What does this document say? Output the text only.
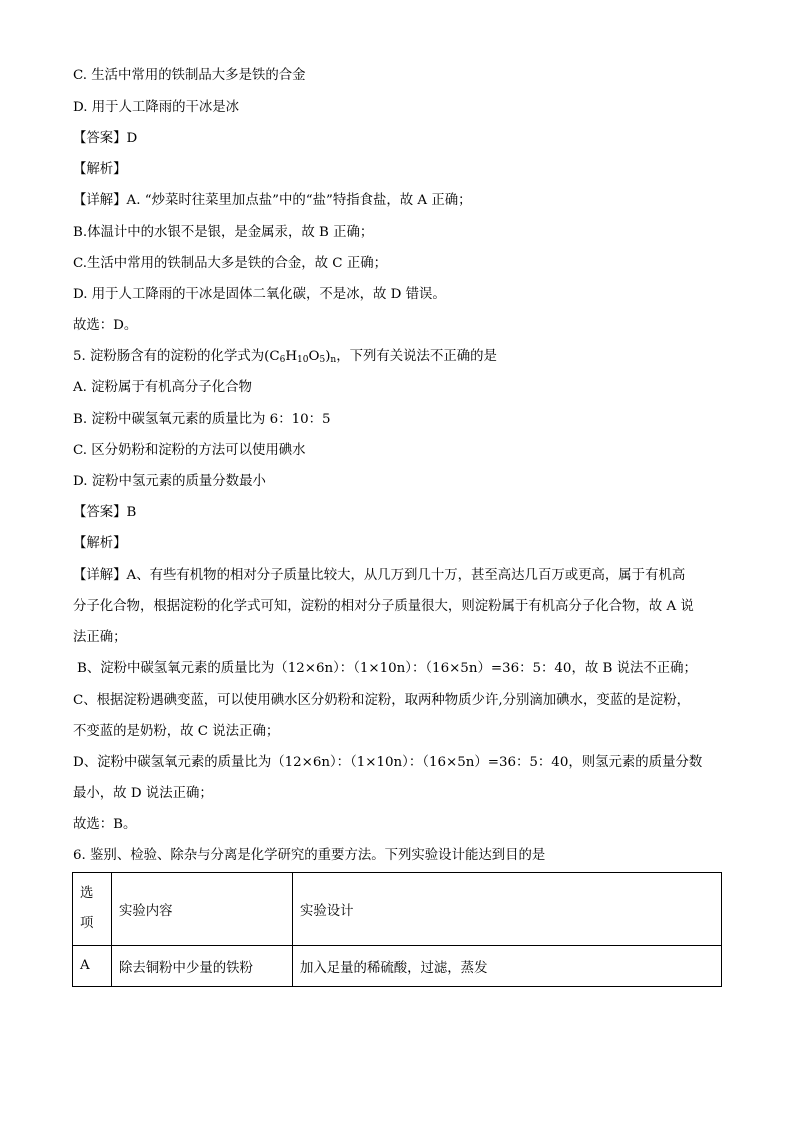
C. 生活中常用的铁制品大多是铁的合金
D. 用于人工降雨的干冰是冰
【答案】D
【解析】
【详解】A. “炒菜时往菜里加点盐”中的“盐”特指食盐，故 A 正确；
B.体温计中的水银不是银，是金属汞，故 B 正确；
C.生活中常用的铁制品大多是铁的合金，故 C 正确；
D. 用于人工降雨的干冰是固体二氧化碳，不是冰，故 D 错误。
故选：D。
5. 淀粉肠含有的淀粉的化学式为$(C_6H_{10}O_5)_n$，下列有关说法不正确的是
A. 淀粉属于有机高分子化合物
B. 淀粉中碳氢氧元素的质量比为 6：10：5
C. 区分奶粉和淀粉的方法可以使用碘水
D. 淀粉中氢元素的质量分数最小
【答案】B
【解析】
【详解】A、有些有机物的相对分子质量比较大，从几万到几十万，甚至高达几百万或更高，属于有机高
分子化合物，根据淀粉的化学式可知，淀粉的相对分子质量很大，则淀粉属于有机高分子化合物，故 A 说
法正确；
B、淀粉中碳氢氧元素的质量比为（12×6n）：（1×10n）：（16×5n）=36：5：40，故 B 说法不正确；
C、根据淀粉遇碘变蓝，可以使用碘水区分奶粉和淀粉，取两种物质少许,分别滴加碘水，变蓝的是淀粉，
不变蓝的是奶粉，故 C 说法正确；
D、淀粉中碳氢氧元素的质量比为（12×6n）：（1×10n）：（16×5n）=36：5：40，则氢元素的质量分数
最小，故 D 说法正确；
故选：B。
6. 鉴别、检验、除杂与分离是化学研究的重要方法。下列实验设计能达到目的是
选
项	实验内容	实验设计
A	除去铜粉中少量的铁粉	加入足量的稀硫酸，过滤，蒸发
